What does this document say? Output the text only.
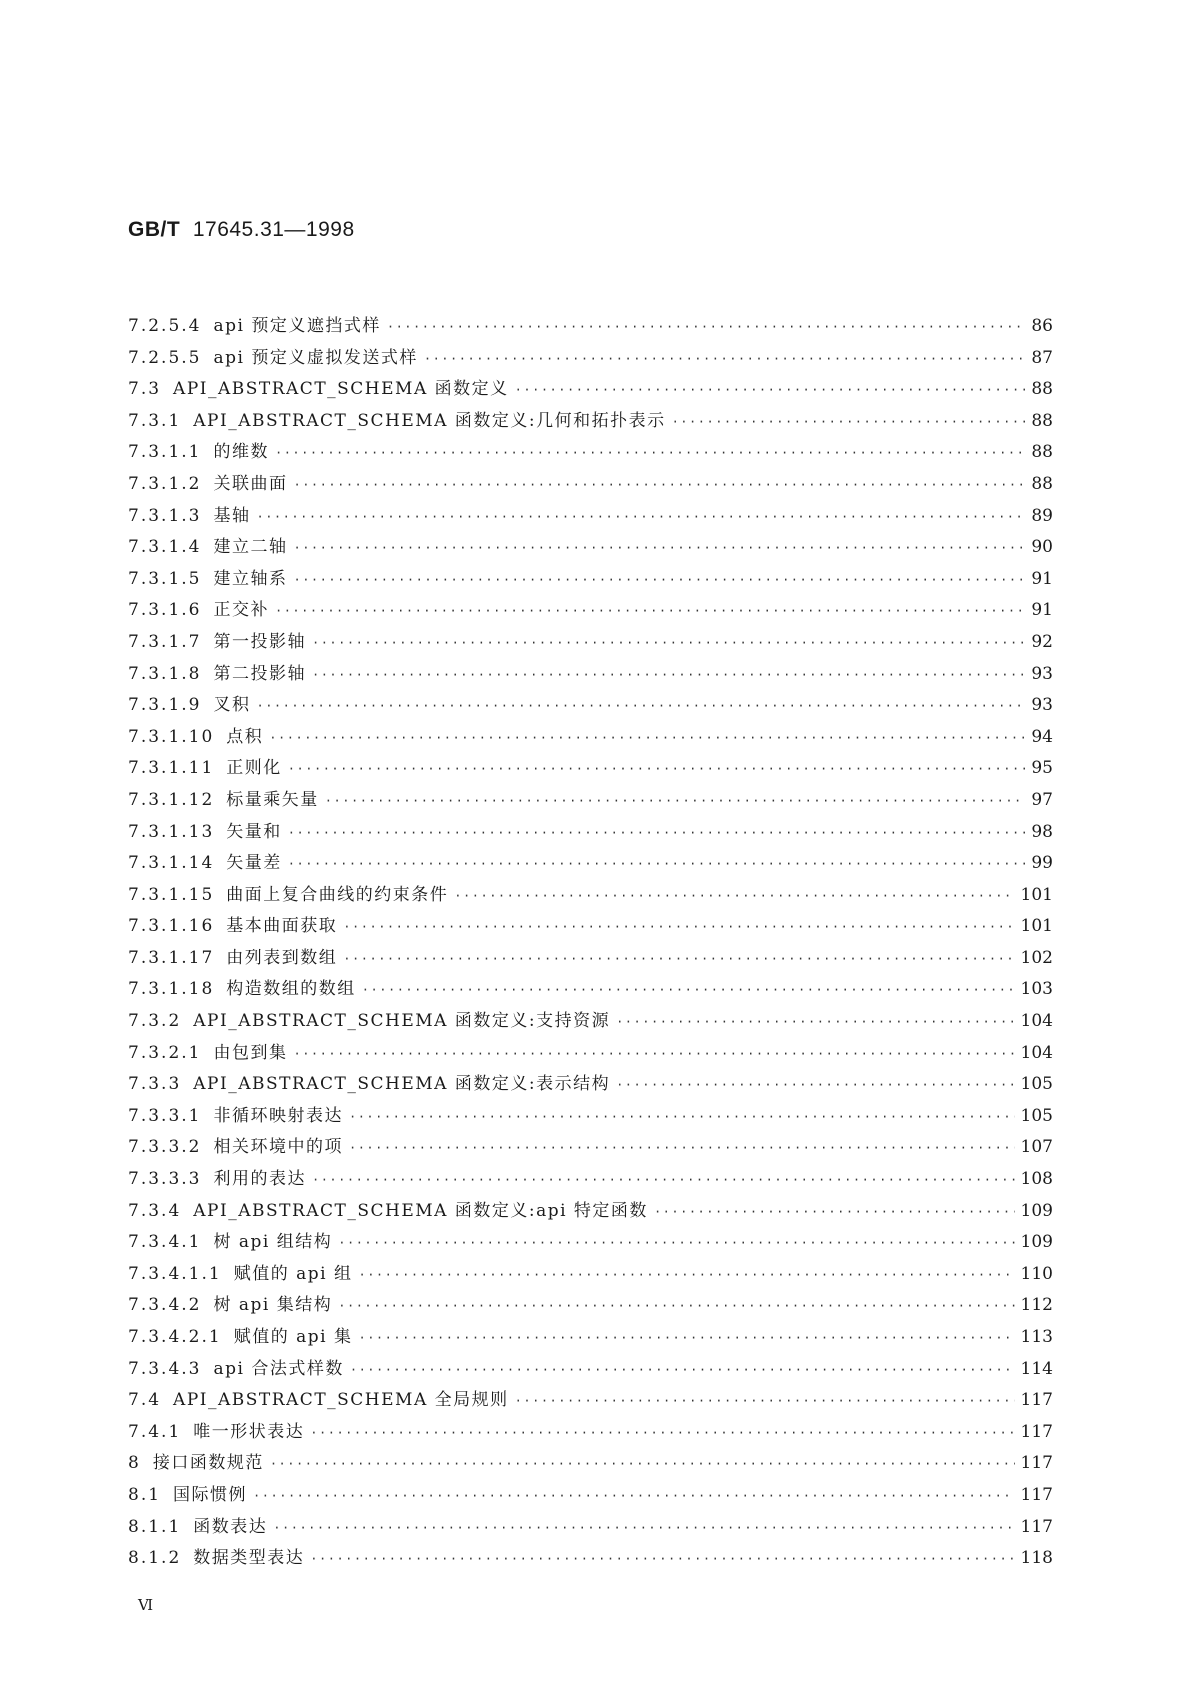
GB/T 17645.31—1998
7.2.5.4 api 预定义遮挡式样 ·····	86
7.2.5.5 api 预定义虚拟发送式样 ·····	87
7.3 API_ABSTRACT_SCHEMA 函数定义 ·····	88
7.3.1 API_ABSTRACT_SCHEMA 函数定义:几何和拓扑表示 ·····	88
7.3.1.1 的维数 ·····	88
7.3.1.2 关联曲面 ·····	88
7.3.1.3 基轴 ·····	89
7.3.1.4 建立二轴 ·····	90
7.3.1.5 建立轴系 ·····	91
7.3.1.6 正交补 ·····	91
7.3.1.7 第一投影轴 ·····	92
7.3.1.8 第二投影轴 ·····	93
7.3.1.9 叉积 ·····	93
7.3.1.10 点积 ·····	94
7.3.1.11 正则化 ·····	95
7.3.1.12 标量乘矢量 ·····	97
7.3.1.13 矢量和 ·····	98
7.3.1.14 矢量差 ·····	99
7.3.1.15 曲面上复合曲线的约束条件 ·····	101
7.3.1.16 基本曲面获取 ·····	101
7.3.1.17 由列表到数组 ·····	102
7.3.1.18 构造数组的数组 ·····	103
7.3.2 API_ABSTRACT_SCHEMA 函数定义:支持资源 ·····	104
7.3.2.1 由包到集 ·····	104
7.3.3 API_ABSTRACT_SCHEMA 函数定义:表示结构 ·····	105
7.3.3.1 非循环映射表达 ·····	105
7.3.3.2 相关环境中的项 ·····	107
7.3.3.3 利用的表达 ·····	108
7.3.4 API_ABSTRACT_SCHEMA 函数定义:api 特定函数 ·····	109
7.3.4.1 树 api 组结构 ·····	109
7.3.4.1.1 赋值的 api 组 ·····	110
7.3.4.2 树 api 集结构 ·····	112
7.3.4.2.1 赋值的 api 集 ·····	113
7.3.4.3 api 合法式样数 ·····	114
7.4 API_ABSTRACT_SCHEMA 全局规则 ·····	117
7.4.1 唯一形状表达 ·····	117
8 接口函数规范 ·····	117
8.1 国际惯例 ·····	117
8.1.1 函数表达 ·····	117
8.1.2 数据类型表达 ·····	118
Ⅵ
